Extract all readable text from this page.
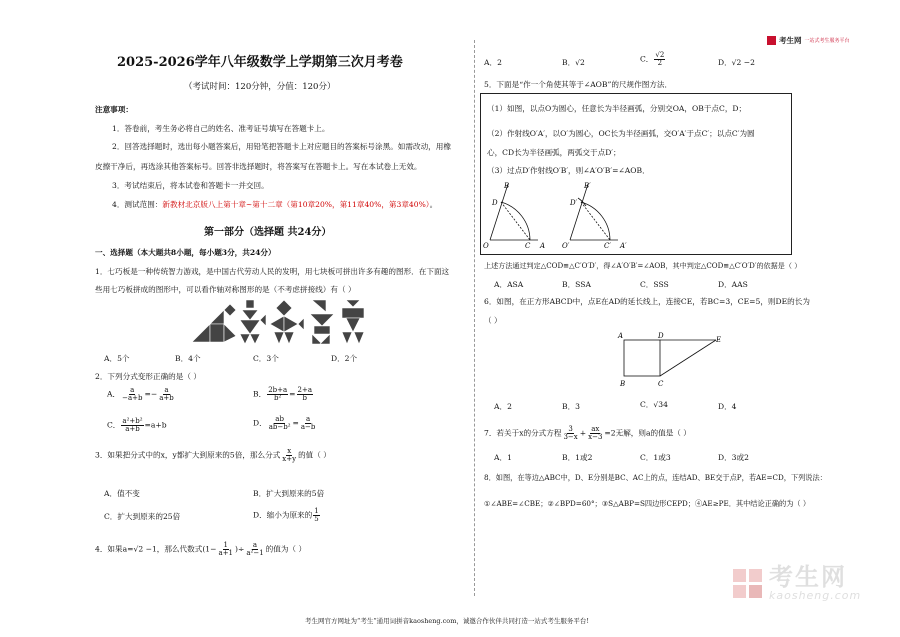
考生网 一站式考生服务平台
2025-2026学年八年级数学上学期第三次月考卷
（考试时间：120分钟，分值：120分）
注意事项：
1．答卷前，考生务必将自己的姓名、准考证号填写在答题卡上。
2．回答选择题时，选出每小题答案后，用铅笔把答题卡上对应题目的答案标号涂黑。如需改动，用橡
皮擦干净后，再选涂其他答案标号。回答非选择题时，将答案写在答题卡上。写在本试卷上无效。
3．考试结束后，将本试卷和答题卡一并交回。
4．测试范围：新教材北京版八上第十章~第十二章（第10章20%，第11章40%，第3章40%）。
第一部分（选择题 共24分）
一、选择题（本大题共8小题，每小题3分，共24分）
1．七巧板是一种传统智力游戏，是中国古代劳动人民的发明，用七块板可拼出许多有趣的图形．在下面这
些用七巧板拼成的图形中，可以看作轴对称图形的是（不考虑拼接线）有（ ）
A．5个	B．4个	C．3个	D．2个
2．下列分式变形正确的是（ ）
A． $\frac{a}{-a+b} =- \frac{a}{a+b}$	B． $\frac{2b+a}{\text{b²}} = \frac{2+a}{b}$
C． $\frac{\text{a²+b²}}{a+b} =a+b$	D． $\frac{ab}{\text{ab−b²}} = \frac{a}{a-b}$
3．如果把分式中的x，y都扩大到原来的5倍，那么分式 $\frac{x}{x+y}$ 的值（ ）
A．值不变	B．扩大到原来的5倍
C．扩大到原来的25倍	D．缩小为原来的 $\frac{1}{5}$
4．如果a=√2 −1，那么代数式($1- \frac{1}{a+1}$ )÷ $\frac{a}{\text{a²−1}}$ 的值为（ ）
A．2	B．√2	C． $\frac{√2}{2}$	D．√2 −2
5．下面是“作一个角使其等于∠AOB”的尺规作图方法．
（1）如图，以点O为圆心，任意长为半径画弧，分别交OA，OB于点C，D；
（2）作射线O′A′，以O′为圆心，OC长为半径画弧，交O′A′于点C′；以点C′为圆
心，CD长为半径画弧，两弧交于点D′；
（3）过点D′作射线O′B′，则∠A′O′B′=∠AOB．
B
D
O	C A
B′
D′
O′	C′ A′
上述方法通过判定△COD≌△C′O′D′，得∠A′O′B′=∠AOB，其中判定△COD≌△C′O′D′的依据是（ ）
A．ASA	B．SSA	C．SSS	D．AAS
6．如图，在正方形ABCD中，点E在AD的延长线上，连接CE，若BC=3，CE=5，则DE的长为
（ ）
A	D	E
B	C
A．2	B．3	C．√34	D．4
7．若关于x的分式方程 $\frac{3}{3-x} + \frac{ax}{x-3} =2$无解，则a的值是（ ）
A．1	B．1或2	C．1或3	D．3或2
8．如图，在等边△ABC中，D、E分别是BC、AC上的点，连结AD、BE交于点P，若AE=CD，下列说法：
①∠ABE=∠CBE；②∠BPD=60°；③S△ABP=S四边形CEPD；④AE≥PE．其中结论正确的为（ ）
考生网官方网址为“考生”通用词拼音kaosheng.com，诚邀合作伙伴共同打造一站式考生服务平台!
考生网
kaosheng.com
